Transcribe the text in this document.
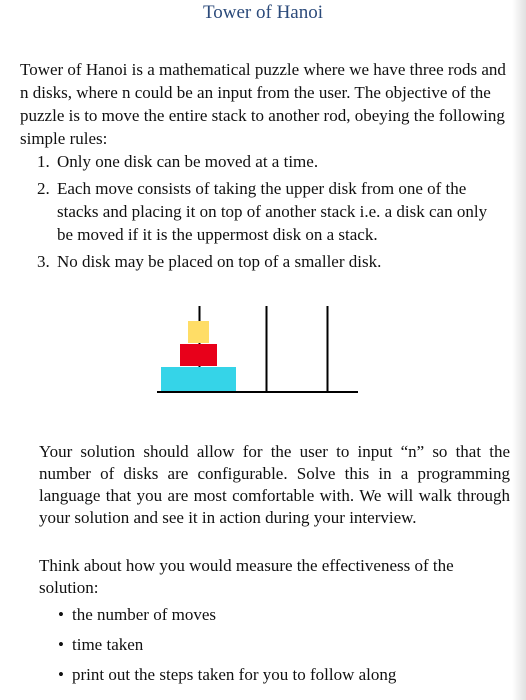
Tower of Hanoi

Tower of Hanoi is a mathematical puzzle where we have three rods and n disks, where n could be an input from the user. The objective of the puzzle is to move the entire stack to another rod, obeying the following simple rules:

1. Only one disk can be moved at a time.
2. Each move consists of taking the upper disk from one of the stacks and placing it on top of another stack i.e. a disk can only be moved if it is the uppermost disk on a stack.
3. No disk may be placed on top of a smaller disk.

Your solution should allow for the user to input “n” so that the number of disks are configurable. Solve this in a programming language that you are most comfortable with. We will walk through your solution and see it in action during your interview.

Think about how you would measure the effectiveness of the solution:

• the number of moves
• time taken
• print out the steps taken for you to follow along
